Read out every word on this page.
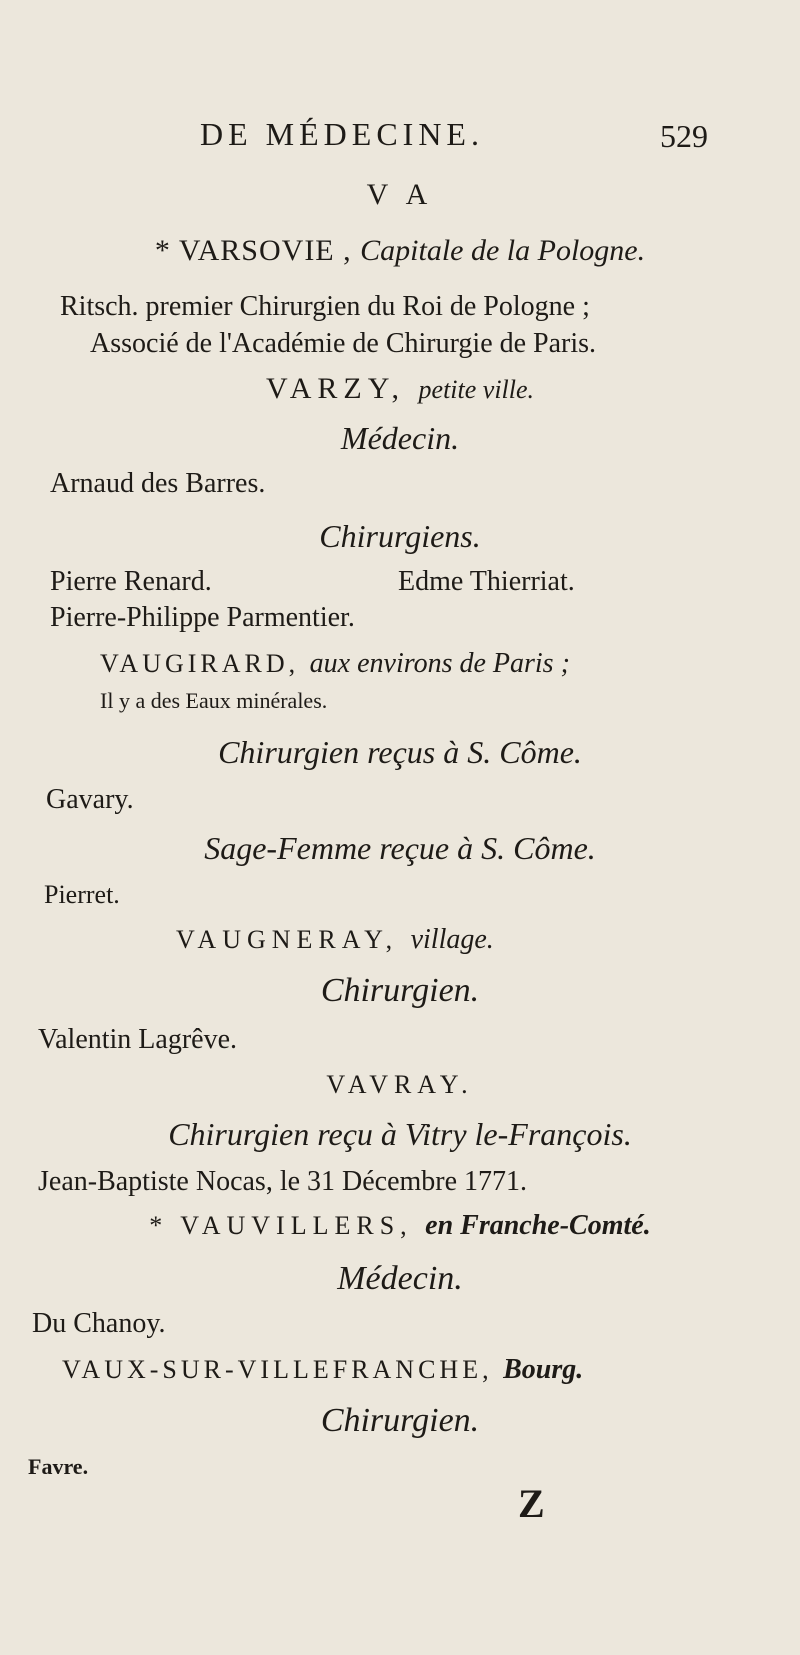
DE MÉDECINE.	529
V A
* VARSOVIE , Capitale de la Pologne.
Ritsch. premier Chirurgien du Roi de Pologne ;
Associé de l'Académie de Chirurgie de Paris.
VARZY, petite ville.
Médecin.
Arnaud des Barres.
Chirurgiens.
Pierre Renard.	Edme Thierriat.
Pierre-Philippe Parmentier.
VAUGIRARD, aux environs de Paris ;
Il y a des Eaux minérales.
Chirurgien reçus à S. Côme.
Gavary.
Sage-Femme reçue à S. Côme.
Pierret.
VAUGNERAY, village.
Chirurgien.
Valentin Lagrêve.
VAVRAY.
Chirurgien reçu à Vitry le-François.
Jean-Baptiste Nocas, le 31 Décembre 1771.
* VAUVILLERS, en Franche-Comté.
Médecin.
Du Chanoy.
VAUX-SUR-VILLEFRANCHE, Bourg.
Chirurgien.
Favre.
Z
